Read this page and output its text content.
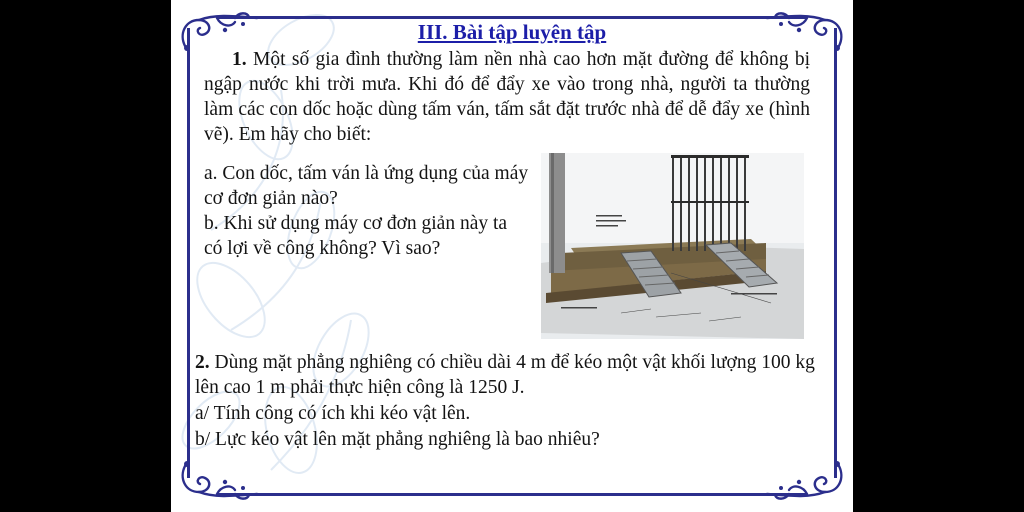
III. Bài tập luyện tập

1. Một số gia đình thường làm nền nhà cao hơn mặt đường để không bị ngập nước khi trời mưa. Khi đó để đẩy xe vào trong nhà, người ta thường làm các con dốc hoặc dùng tấm ván, tấm sắt đặt trước nhà để dễ đẩy xe (hình vẽ). Em hãy cho biết:

a. Con dốc, tấm ván là ứng dụng của máy cơ đơn giản nào?

b. Khi sử dụng máy cơ đơn giản này ta có lợi về công không? Vì sao?

2. Dùng mặt phẳng nghiêng có chiều dài 4 m để kéo một vật khối lượng 100 kg lên cao 1 m phải thực hiện công là 1250 J.

a/ Tính công có ích khi kéo vật lên.

b/ Lực kéo vật lên mặt phẳng nghiêng là bao nhiêu?
